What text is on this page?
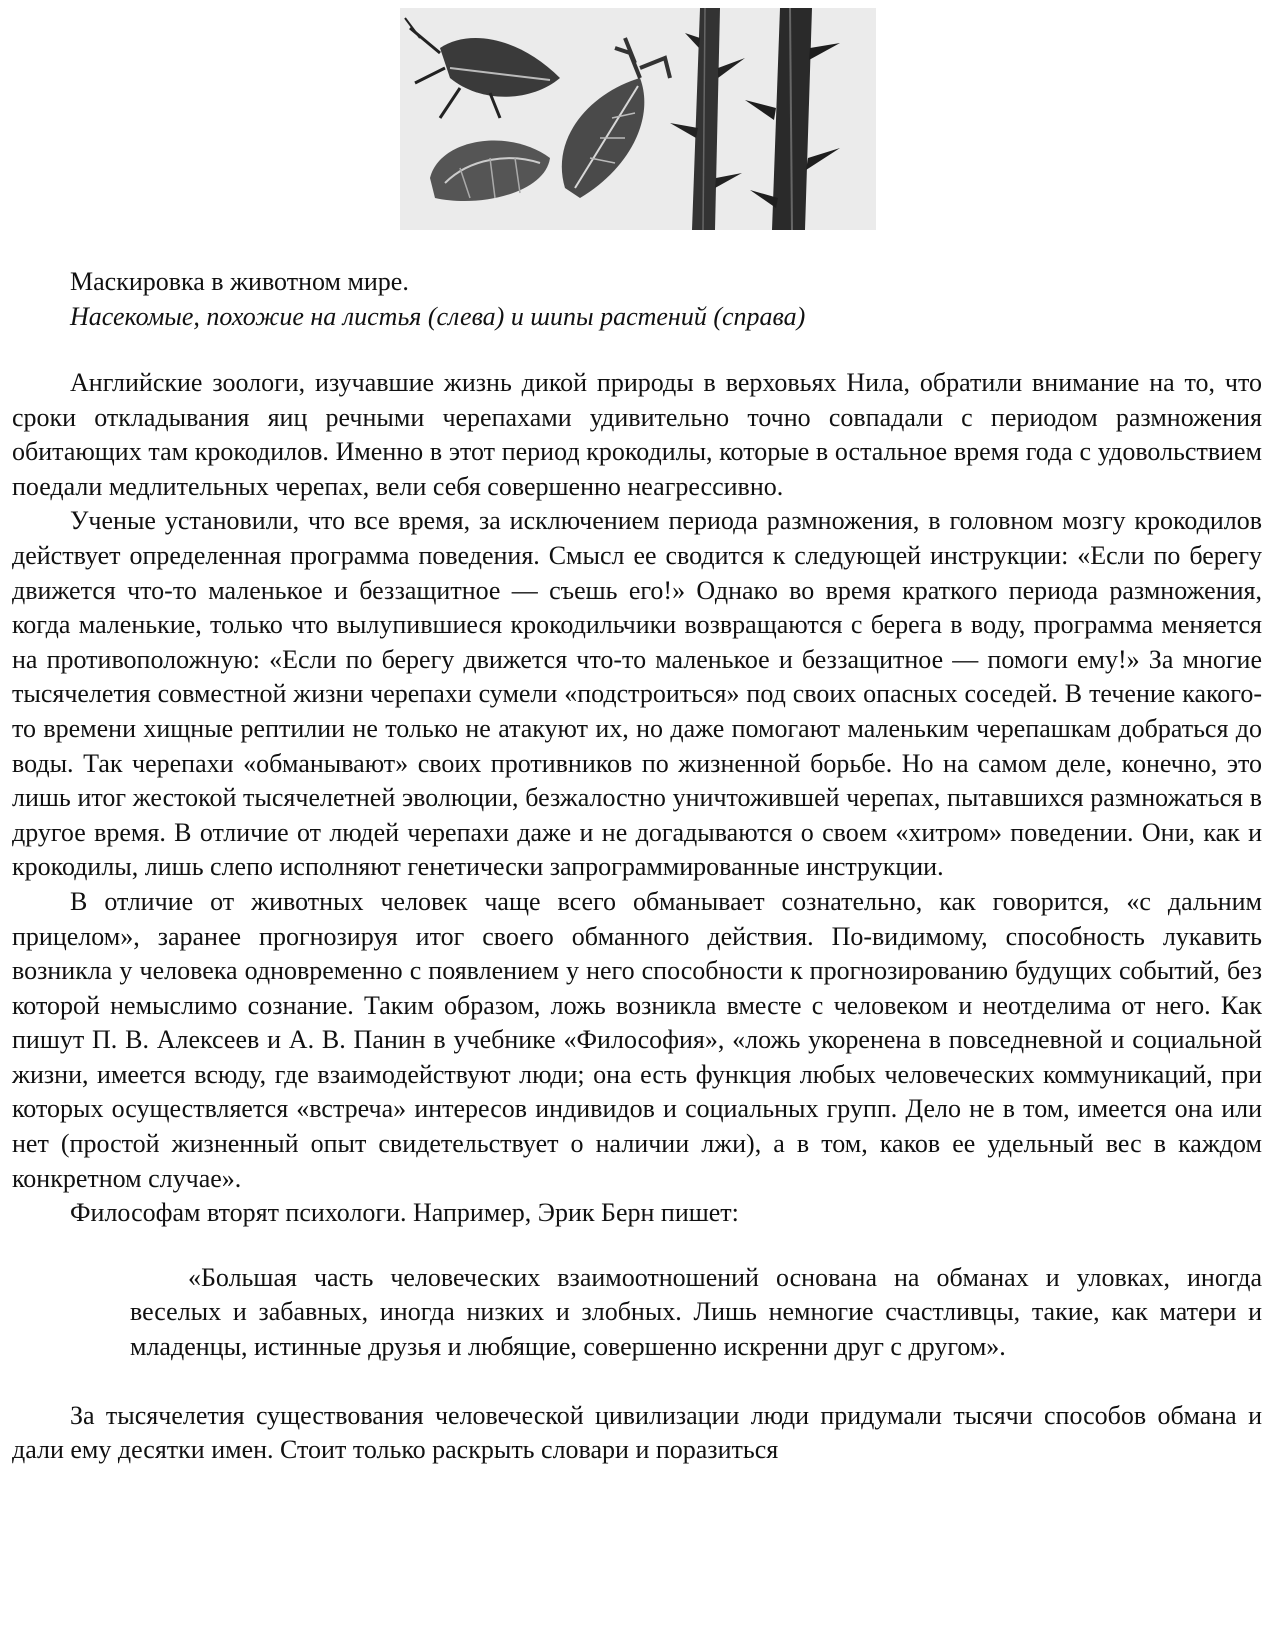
Маскировка в животном мире.
Насекомые, похожие на листья (слева) и шипы растений (справа)

Английские зоологи, изучавшие жизнь дикой природы в верховьях Нила, обратили внимание на то, что сроки откладывания яиц речными черепахами удивительно точно совпадали с периодом размножения обитающих там крокодилов. Именно в этот период крокодилы, которые в остальное время года с удовольствием поедали медлительных черепах, вели себя совершенно неагрессивно.

Ученые установили, что все время, за исключением периода размножения, в головном мозгу крокодилов действует определенная программа поведения. Смысл ее сводится к следующей инструкции: «Если по берегу движется что-то маленькое и беззащитное — съешь его!» Однако во время краткого периода размножения, когда маленькие, только что вылупившиеся крокодильчики возвращаются с берега в воду, программа меняется на противоположную: «Если по берегу движется что-то маленькое и беззащитное — помоги ему!» За многие тысячелетия совместной жизни черепахи сумели «подстроиться» под своих опасных соседей. В течение какого-то времени хищные рептилии не только не атакуют их, но даже помогают маленьким черепашкам добраться до воды. Так черепахи «обманывают» своих противников по жизненной борьбе. Но на самом деле, конечно, это лишь итог жестокой тысячелетней эволюции, безжалостно уничтожившей черепах, пытавшихся размножаться в другое время. В отличие от людей черепахи даже и не догадываются о своем «хитром» поведении. Они, как и крокодилы, лишь слепо исполняют генетически запрограммированные инструкции.

В отличие от животных человек чаще всего обманывает сознательно, как говорится, «с дальним прицелом», заранее прогнозируя итог своего обманного действия. По-видимому, способность лукавить возникла у человека одновременно с появлением у него способности к прогнозированию будущих событий, без которой немыслимо сознание. Таким образом, ложь возникла вместе с человеком и неотделима от него. Как пишут П. В. Алексеев и А. В. Панин в учебнике «Философия», «ложь укоренена в повседневной и социальной жизни, имеется всюду, где взаимодействуют люди; она есть функция любых человеческих коммуникаций, при которых осуществляется «встреча» интересов индивидов и социальных групп. Дело не в том, имеется она или нет (простой жизненный опыт свидетельствует о наличии лжи), а в том, каков ее удельный вес в каждом конкретном случае».

Философам вторят психологи. Например, Эрик Берн пишет:

«Большая часть человеческих взаимоотношений основана на обманах и уловках, иногда веселых и забавных, иногда низких и злобных. Лишь немногие счастливцы, такие, как матери и младенцы, истинные друзья и любящие, совершенно искренни друг с другом».

За тысячелетия существования человеческой цивилизации люди придумали тысячи способов обмана и дали ему десятки имен. Стоит только раскрыть словари и поразиться
